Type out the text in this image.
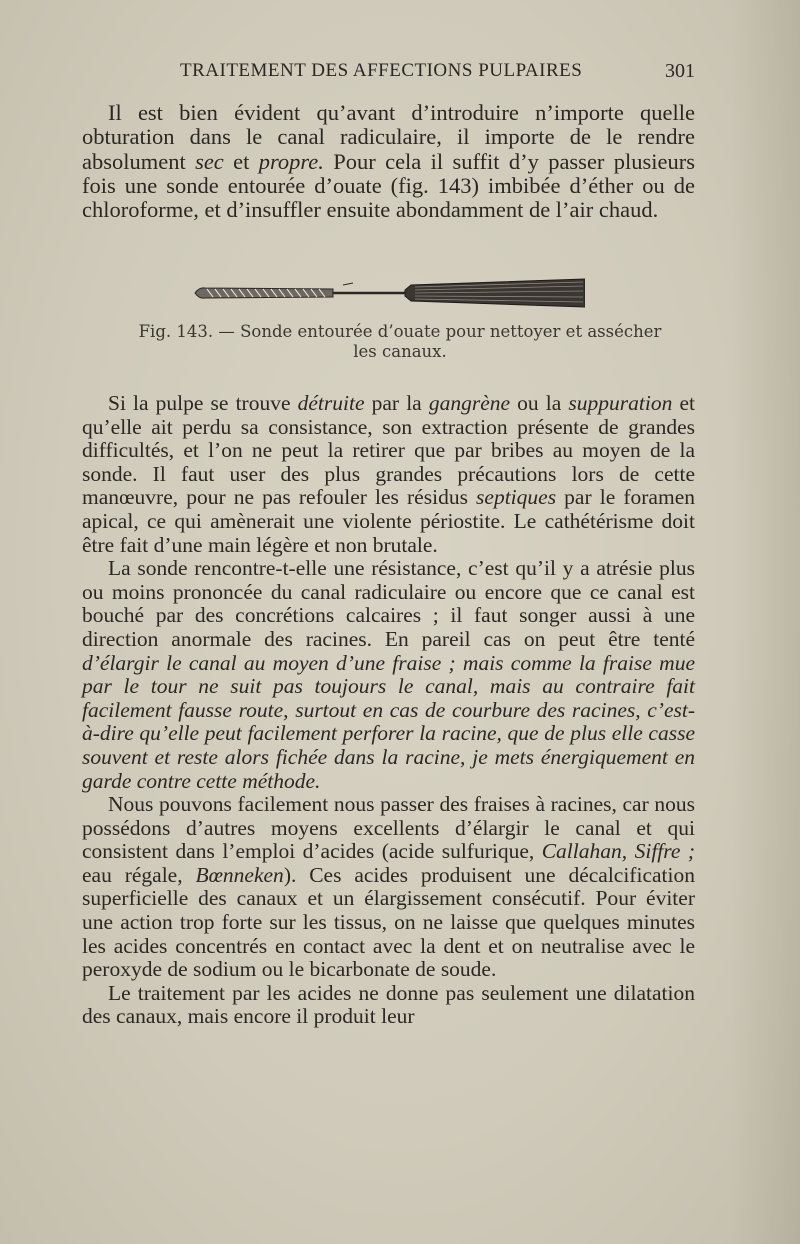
TRAITEMENT DES AFFECTIONS PULPAIRES	301

Il est bien évident qu’avant d’introduire n’importe quelle obturation dans le canal radiculaire, il importe de le rendre absolument sec et propre. Pour cela il suffit d’y passer plusieurs fois une sonde entourée d’ouate (fig. 143) imbibée d’éther ou de chloroforme, et d’insuffler ensuite abondamment de l’air chaud.

Fig. 143. — Sonde entourée d’ouate pour nettoyer et assécher
les canaux.

Si la pulpe se trouve détruite par la gangrène ou la suppuration et qu’elle ait perdu sa consistance, son extraction présente de grandes difficultés, et l’on ne peut la retirer que par bribes au moyen de la sonde. Il faut user des plus grandes précautions lors de cette manœuvre, pour ne pas refouler les résidus septiques par le foramen apical, ce qui amènerait une violente périostite. Le cathétérisme doit être fait d’une main légère et non brutale.

La sonde rencontre-t-elle une résistance, c’est qu’il y a atrésie plus ou moins prononcée du canal radiculaire ou encore que ce canal est bouché par des concrétions calcaires ; il faut songer aussi à une direction anormale des racines. En pareil cas on peut être tenté d’élargir le canal au moyen d’une fraise ; mais comme la fraise mue par le tour ne suit pas toujours le canal, mais au contraire fait facilement fausse route, surtout en cas de courbure des racines, c’est-à-dire qu’elle peut facilement perforer la racine, que de plus elle casse souvent et reste alors fichée dans la racine, je mets énergiquement en garde contre cette méthode.

Nous pouvons facilement nous passer des fraises à racines, car nous possédons d’autres moyens excellents d’élargir le canal et qui consistent dans l’emploi d’acides (acide sulfurique, Callahan, Siffre ; eau régale, Bœnneken). Ces acides produisent une décalcification superficielle des canaux et un élargissement consécutif. Pour éviter une action trop forte sur les tissus, on ne laisse que quelques minutes les acides concentrés en contact avec la dent et on neutralise avec le peroxyde de sodium ou le bicarbonate de soude.

Le traitement par les acides ne donne pas seulement une dilatation des canaux, mais encore il produit leur
